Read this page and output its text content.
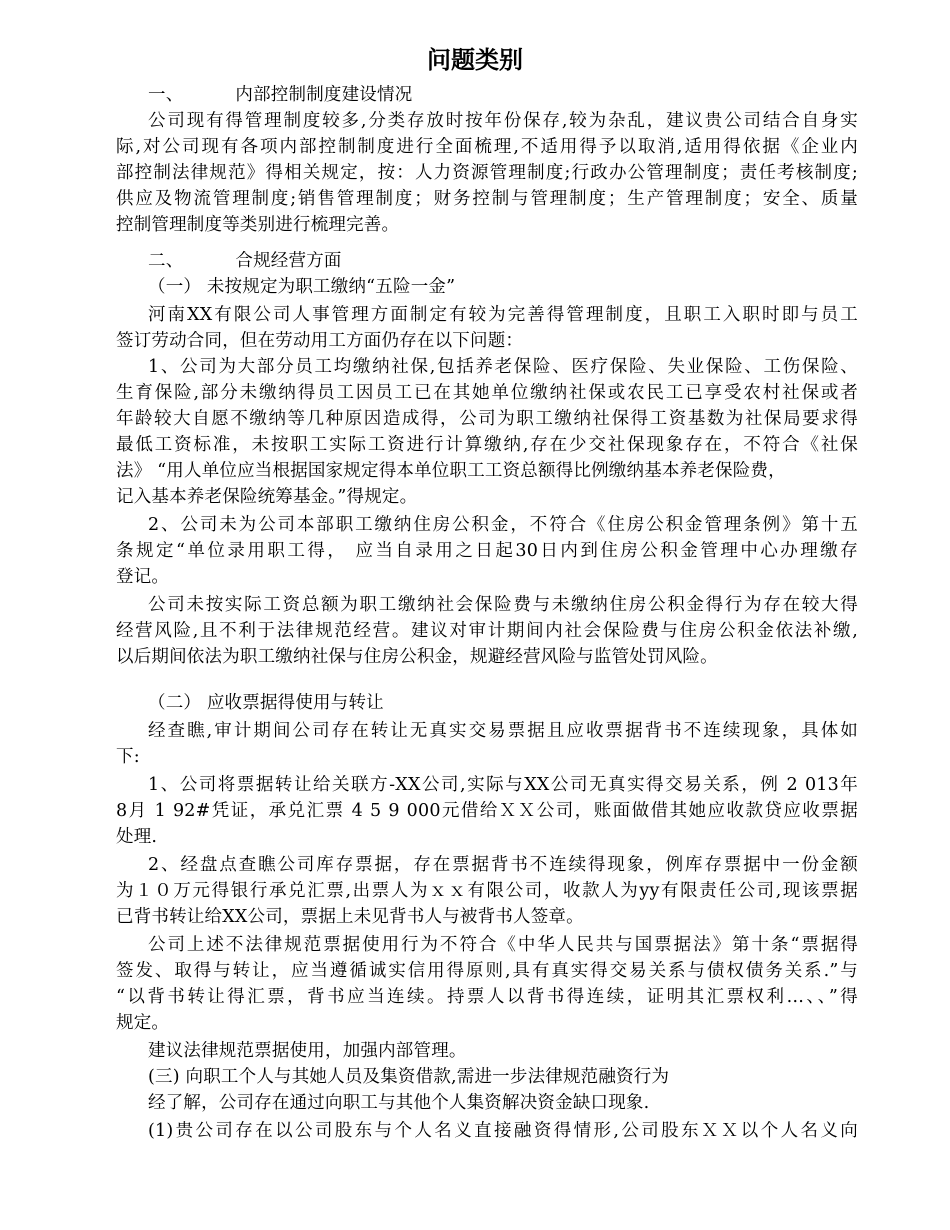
问题类别
一、	内部控制制度建设情况
公司现有得管理制度较多,分类存放时按年份保存,较为杂乱，建议贵公司结合自身实
际,对公司现有各项内部控制制度进行全面梳理,不适用得予以取消,适用得依据《企业内
部控制法律规范》得相关规定，按：人力资源管理制度;行政办公管理制度；责任考核制度;
供应及物流管理制度;销售管理制度；财务控制与管理制度；生产管理制度；安全、质量
控制管理制度等类别进行梳理完善。
二、	合规经营方面
（一） 未按规定为职工缴纳“五险一金”
河南XX有限公司人事管理方面制定有较为完善得管理制度，且职工入职时即与员工
签订劳动合同，但在劳动用工方面仍存在以下问题：
1、公司为大部分员工均缴纳社保,包括养老保险、医疗保险、失业保险、工伤保险、
生育保险,部分未缴纳得员工因员工已在其她单位缴纳社保或农民工已享受农村社保或者
年龄较大自愿不缴纳等几种原因造成得，公司为职工缴纳社保得工资基数为社保局要求得
最低工资标准，未按职工实际工资进行计算缴纳,存在少交社保现象存在，不符合《社保
法》 “用人单位应当根据国家规定得本单位职工工资总额得比例缴纳基本养老保险费，
记入基本养老保险统筹基金。”得规定。
2、公司未为公司本部职工缴纳住房公积金，不符合《住房公积金管理条例》第十五
条规定“单位录用职工得， 应当自录用之日起30日内到住房公积金管理中心办理缴存
登记。
公司未按实际工资总额为职工缴纳社会保险费与未缴纳住房公积金得行为存在较大得
经营风险,且不利于法律规范经营。建议对审计期间内社会保险费与住房公积金依法补缴,
以后期间依法为职工缴纳社保与住房公积金，规避经营风险与监管处罚风险。
（二） 应收票据得使用与转让
经查瞧,审计期间公司存在转让无真实交易票据且应收票据背书不连续现象，具体如
下:
1、公司将票据转让给关联方-XX公司,实际与XX公司无真实得交易关系，例 2 013年
8月 1 92#凭证，承兑汇票 4 5 9 000元借给ＸＸ公司，账面做借其她应收款贷应收票据
处理.
2、经盘点查瞧公司库存票据，存在票据背书不连续得现象，例库存票据中一份金额
为１０万元得银行承兑汇票,出票人为ｘｘ有限公司，收款人为yy有限责任公司,现该票据
已背书转让给XX公司，票据上未见背书人与被背书人签章。
公司上述不法律规范票据使用行为不符合《中华人民共与国票据法》第十条“票据得
签发、取得与转让，应当遵循诚实信用得原则,具有真实得交易关系与债权债务关系.”与
“以背书转让得汇票，背书应当连续。持票人以背书得连续，证明其汇票权利…、、”得
规定。
建议法律规范票据使用，加强内部管理。
(三) 向职工个人与其她人员及集资借款,需进一步法律规范融资行为
经了解，公司存在通过向职工与其他个人集资解决资金缺口现象.
(1)贵公司存在以公司股东与个人名义直接融资得情形,公司股东ＸＸ以个人名义向
